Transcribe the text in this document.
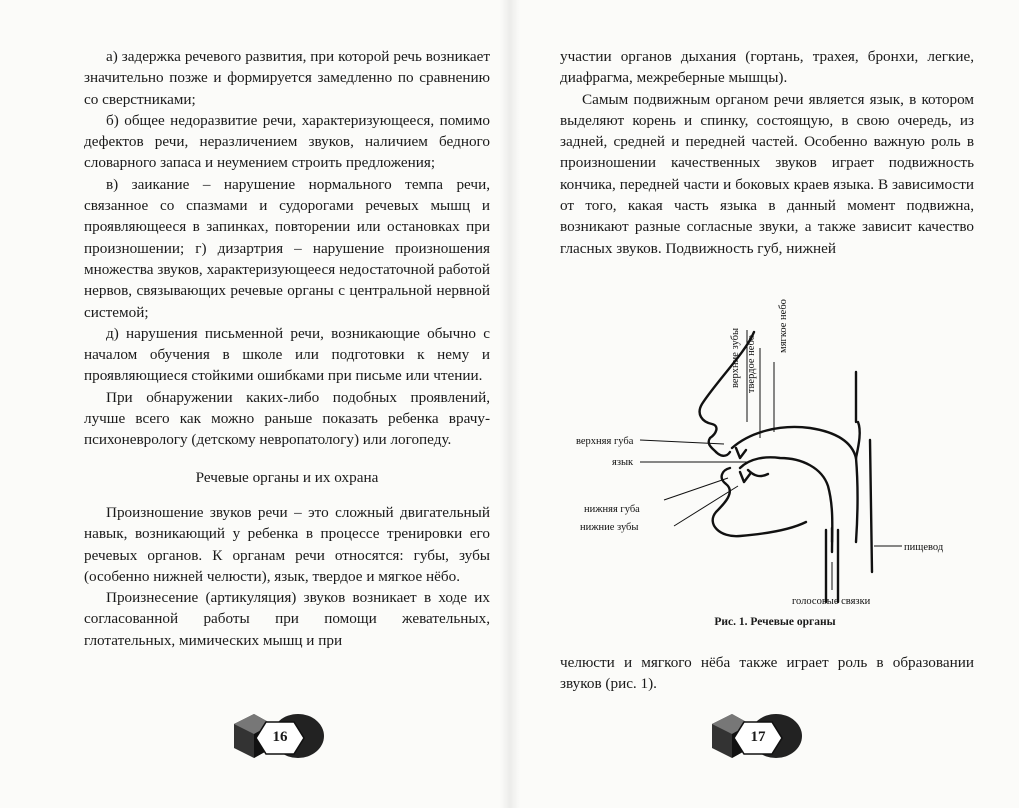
а) задержка речевого развития, при которой речь возникает значительно позже и формируется замедленно по сравнению со сверстниками;

б) общее недоразвитие речи, характеризующееся, помимо дефектов речи, неразличением звуков, наличием бедного словарного запаса и неумением строить предложения;

в) заикание – нарушение нормального темпа речи, связанное со спазмами и судорогами речевых мышц и проявляющееся в запинках, повторении или остановках при произношении; г) дизартрия – нарушение произношения множества звуков, характеризующееся недостаточной работой нервов, связывающих речевые органы с центральной нервной системой;

д) нарушения письменной речи, возникающие обычно с началом обучения в школе или подготовки к нему и проявляющиеся стойкими ошибками при письме или чтении.

При обнаружении каких-либо подобных проявлений, лучше всего как можно раньше показать ребенка врачу-психоневрологу (детскому невропатологу) или логопеду.

Речевые органы и их охрана

Произношение звуков речи – это сложный двигательный навык, возникающий у ребенка в процессе тренировки его речевых органов. К органам речи относятся: губы, зубы (особенно нижней челюсти), язык, твердое и мягкое нёбо.

Произнесение (артикуляция) звуков возникает в ходе их согласованной работы при помощи жевательных, глотательных, мимических мышц и при

16

участии органов дыхания (гортань, трахея, бронхи, легкие, диафрагма, межреберные мышцы).

Самым подвижным органом речи является язык, в котором выделяют корень и спинку, состоящую, в свою очередь, из задней, средней и передней частей. Особенно важную роль в произношении качественных звуков играет подвижность кончика, передней части и боковых краев языка. В зависимости от того, какая часть языка в данный момент подвижна, возникают разные согласные звуки, а также зависит качество гласных звуков. Подвижность губ, нижней

верхние зубы твердое небо
мягкое небо
верхняя губа
язык
нижняя губа
нижние зубы
пищевод
голосовые связки
Рис. 1. Речевые органы

челюсти и мягкого нёба также играет роль в образовании звуков (рис. 1).

17
